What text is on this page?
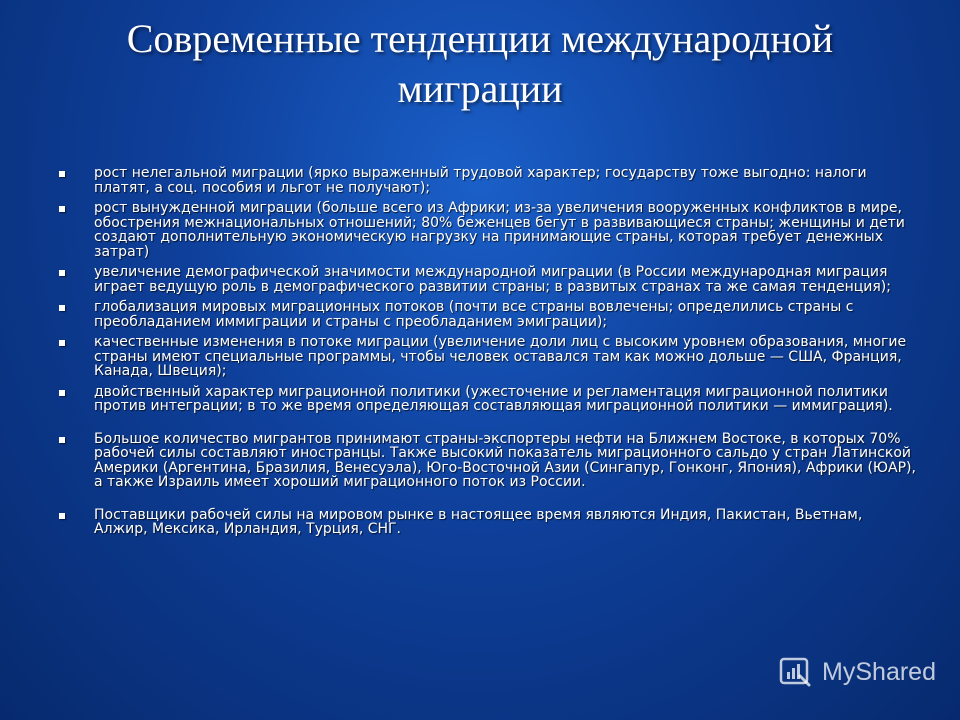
Современные тенденции международной миграции
рост нелегальной миграции (ярко выраженный трудовой характер; государству тоже выгодно: налоги платят, а соц. пособия и льгот не получают);
рост вынужденной миграции (больше всего из Африки; из-за увеличения вооруженных конфликтов в мире, обострения межнациональных отношений; 80% беженцев бегут в развивающиеся страны; женщины и дети создают дополнительную экономическую нагрузку на принимающие страны, которая требует денежных затрат)
увеличение демографической значимости международной миграции (в России международная миграция играет ведущую роль в демографического развитии страны; в развитых странах та же самая тенденция);
глобализация мировых миграционных потоков (почти все страны вовлечены; определились страны с преобладанием иммиграции и страны с преобладанием эмиграции);
качественные изменения в потоке миграции (увеличение доли лиц с высоким уровнем образования, многие страны имеют специальные программы, чтобы человек оставался там как можно дольше — США, Франция, Канада, Швеция);
двойственный характер миграционной политики (ужесточение и регламентация миграционной политики против интеграции; в то же время определяющая составляющая миграционной политики — иммиграция).
Большое количество мигрантов принимают страны-экспортеры нефти на Ближнем Востоке, в которых 70% рабочей силы составляют иностранцы. Также высокий показатель миграционного сальдо у стран Латинской Америки (Аргентина, Бразилия, Венесуэла), Юго-Восточной Азии (Сингапур, Гонконг, Япония), Африки (ЮАР), а также Израиль имеет хороший миграционного поток из России.
Поставщики рабочей силы на мировом рынке в настоящее время являются Индия, Пакистан, Вьетнам, Алжир, Мексика, Ирландия, Турция, СНГ.
MyShared
